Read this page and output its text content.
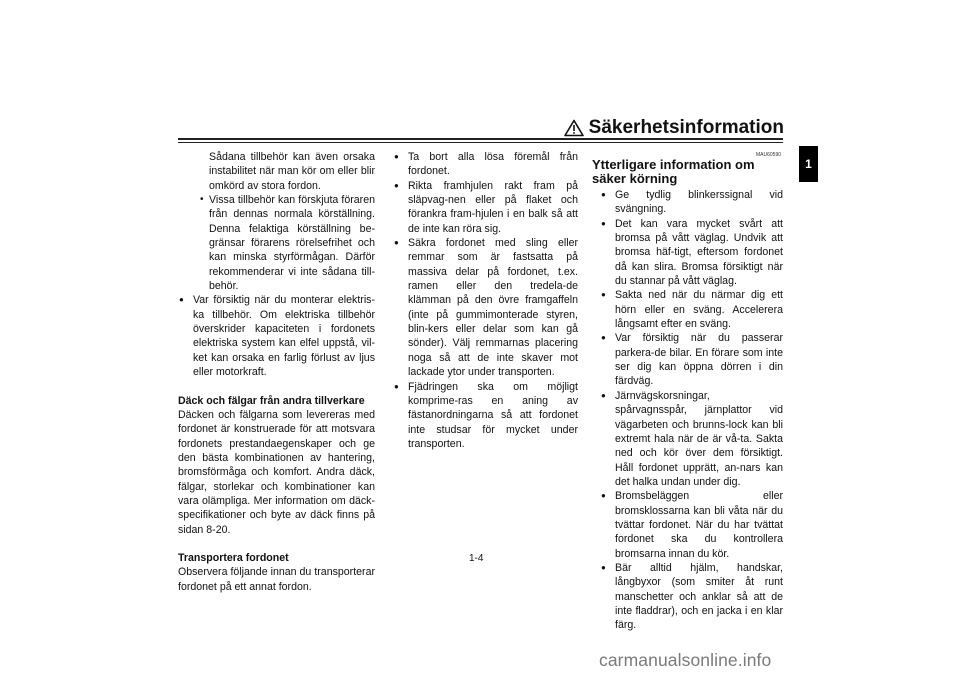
Säkerhetsinformation
1

Sådana tillbehör kan även orsaka instabilitet när man kör om eller blir omkörd av stora fordon.

• Vissa tillbehör kan förskjuta föraren från dennas normala körställning. Denna felaktiga körställning be-gränsar förarens rörelsefrihet och kan minska styrförmågan. Därför rekommenderar vi inte sådana till-behör.

● Var försiktig när du monterar elektris-ka tillbehör. Om elektriska tillbehör överskrider kapaciteten i fordonets elektriska system kan elfel uppstå, vil-ket kan orsaka en farlig förlust av ljus eller motorkraft.

Däck och fälgar från andra tillverkare

Däcken och fälgarna som levereras med fordonet är konstruerade för att motsvara fordonets prestandaegenskaper och ge den bästa kombinationen av hantering, bromsförmåga och komfort. Andra däck, fälgar, storlekar och kombinationer kan vara olämpliga. Mer information om däck-specifikationer och byte av däck finns på sidan 8-20.

Transportera fordonet

Observera följande innan du transporterar fordonet på ett annat fordon.

● Ta bort alla lösa föremål från fordonet.

● Rikta framhjulen rakt fram på släpvag-nen eller på flaket och förankra fram-hjulen i en balk så att de inte kan röra sig.

● Säkra fordonet med sling eller remmar som är fastsatta på massiva delar på fordonet, t.ex. ramen eller den tredela-de klämman på den övre framgaffeln (inte på gummimonterade styren, blin-kers eller delar som kan gå sönder). Välj remmarnas placering noga så att de inte skaver mot lackade ytor under transporten.

● Fjädringen ska om möjligt komprime-ras en aning av fästanordningarna så att fordonet inte studsar för mycket under transporten.

MAU60590
Ytterligare information om säker körning

● Ge tydlig blinkerssignal vid svängning.

● Det kan vara mycket svårt att bromsa på vått väglag. Undvik att bromsa häf-tigt, eftersom fordonet då kan slira. Bromsa försiktigt när du stannar på vått väglag.

● Sakta ned när du närmar dig ett hörn eller en sväng. Accelerera långsamt efter en sväng.

● Var försiktig när du passerar parkera-de bilar. En förare som inte ser dig kan öppna dörren i din färdväg.

● Järnvägskorsningar, spårvagnsspår, järnplattor vid vägarbeten och brunns-lock kan bli extremt hala när de är vå-ta. Sakta ned och kör över dem försiktigt. Håll fordonet upprätt, an-nars kan det halka undan under dig.

● Bromsbeläggen eller bromsklossarna kan bli våta när du tvättar fordonet. När du har tvättat fordonet ska du kontrollera bromsarna innan du kör.

● Bär alltid hjälm, handskar, långbyxor (som smiter åt runt manschetter och anklar så att de inte fladdrar), och en jacka i en klar färg.

1-4
carmanualsonline.info
